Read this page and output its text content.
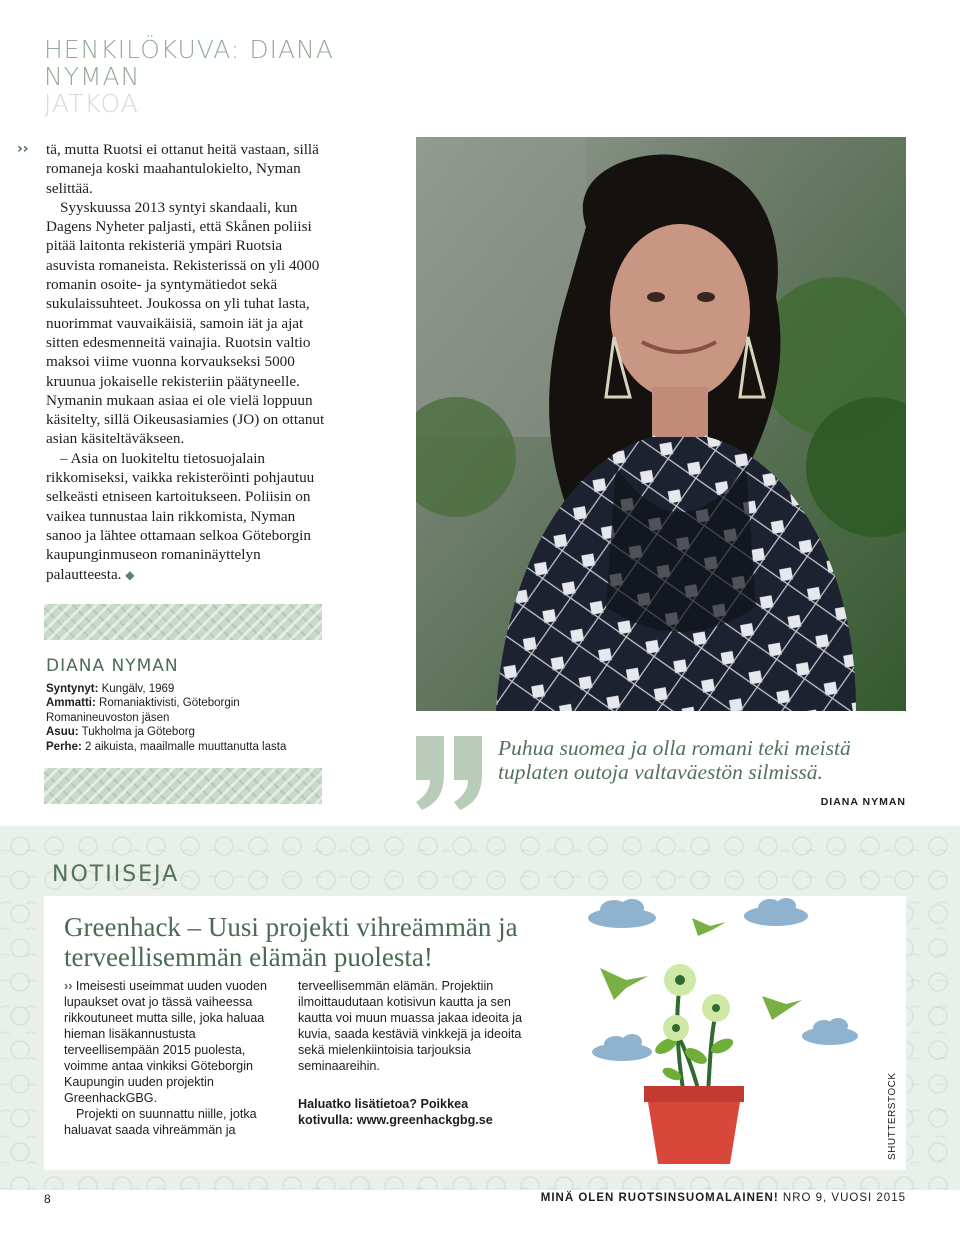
HENKILÖKUVA: DIANA NYMAN
JATKOA
›› tä, mutta Ruotsi ei ottanut heitä vastaan, sillä romaneja koski maahantulokielto, Nyman selittää.

Syyskuussa 2013 syntyi skandaali, kun Dagens Nyheter paljasti, että Skånen poliisi pitää laitonta rekisteriä ympäri Ruotsia asuvista romaneista. Rekisterissä on yli 4000 romanin osoite- ja syntymätiedot sekä sukulaissuhteet. Joukossa on yli tuhat lasta, nuorimmat vauvaikäisiä, samoin iät ja ajat sitten edesmenneitä vainajia. Ruotsin valtio maksoi viime vuonna korvaukseksi 5000 kruunua jokaiselle rekisteriin päätyneelle. Nymanin mukaan asiaa ei ole vielä loppuun käsitelty, sillä Oikeusasiamies (JO) on ottanut asian käsiteltäväkseen.

– Asia on luokiteltu tietosuojalain rikkomiseksi, vaikka rekisteröinti pohjautuu selkeästi etniseen kartoitukseen. Poliisin on vaikea tunnustaa lain rikkomista, Nyman sanoo ja lähtee ottamaan selkoa Göteborgin kaupunginmuseon romaninäyttelyn palautteesta. ◆

DIANA NYMAN
Syntynyt: Kungälv, 1969
Ammatti: Romaniaktivisti, Göteborgin Romanineuvoston jäsen
Asuu: Tukholma ja Göteborg
Perhe: 2 aikuista, maailmalle muuttanutta lasta	Puhua suomea ja olla romani teki meistä tuplaten outoja valtaväestön silmissä.
DIANA NYMAN
NOTIISEJA
Greenhack – Uusi projekti vihreämmän ja terveellisemmän elämän puolesta!

›› Imeisesti useimmat uuden vuoden lupaukset ovat jo tässä vaiheessa rikkoutuneet mutta sille, joka haluaa hieman lisäkannustusta terveellisempään 2015 puolesta, voimme antaa vinkiksi Göteborgin Kaupungin uuden projektin GreenhackGBG.

Projekti on suunnattu niille, jotka haluavat saada vihreämmän ja

terveellisemmän elämän. Projektiin ilmoittaudutaan kotisivun kautta ja sen kautta voi muun muassa jakaa ideoita ja kuvia, saada kestäviä vinkkejä ja ideoita sekä mielenkiintoisia tarjouksia seminaareihin.

Haluatko lisätietoa? Poikkea kotivulla: www.greenhackgbg.se	SHUTTERSTOCK
8	MINÄ OLEN RUOTSINSUOMALAINEN! NRO 9, VUOSI 2015
